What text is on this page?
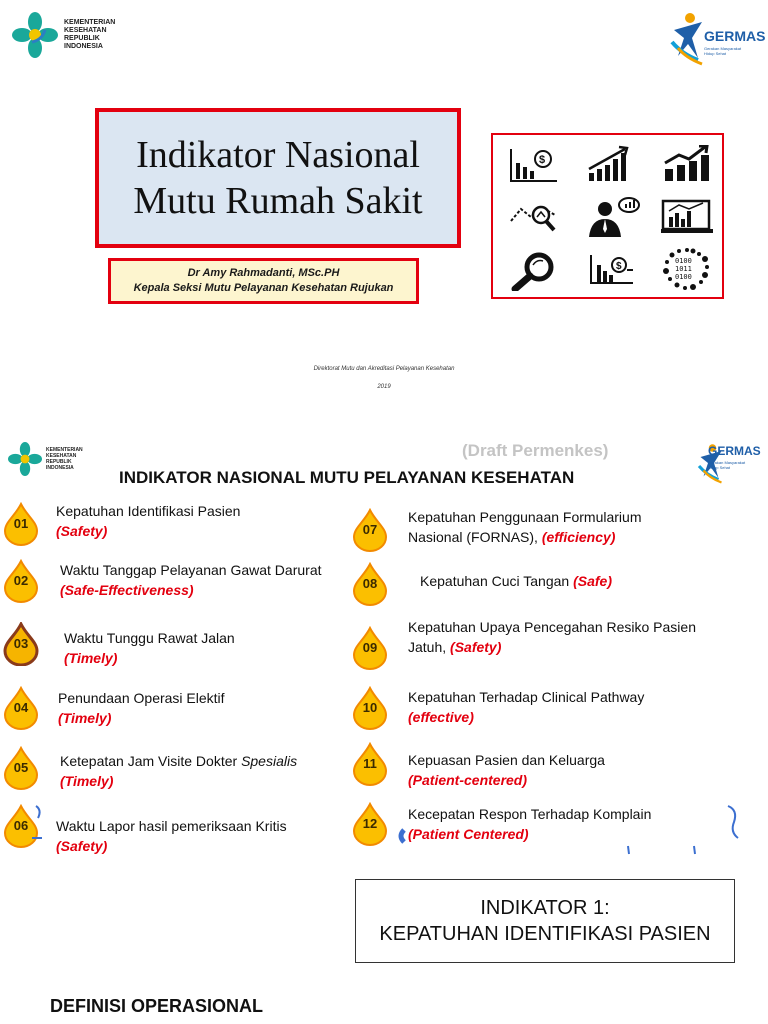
KEMENTERIAN
KESEHATAN
REPUBLIK
INDONESIA
GERMAS
Gerakan Masyarakat
Hidup Sehat
Indikator Nasional
Mutu Rumah Sakit
Dr Amy Rahmadanti, MSc.PH
Kepala Seksi Mutu Pelayanan Kesehatan Rujukan
$
$	0100
1011
0100
Direktorat Mutu dan Akreditasi Pelayanan Kesehatan
2019
KEMENTERIAN
KESEHATAN
REPUBLIK
INDONESIA
GERMAS
Gerakan Masyarakat
Hidup Sehat
(Draft Permenkes)
INDIKATOR NASIONAL MUTU PELAYANAN KESEHATAN
01
Kepatuhan Identifikasi Pasien
(Safety)
02
Waktu Tanggap Pelayanan Gawat Darurat
(Safe-Effectiveness)
03	Waktu Tunggu Rawat Jalan
(Timely)
04
Penundaan Operasi Elektif
(Timely)
05	Ketepatan Jam Visite Dokter Spesialis
(Timely)
06	Waktu Lapor hasil pemeriksaan Kritis
(Safety)
07
Kepatuhan Penggunaan Formularium
Nasional (FORNAS), (efficiency)
08	Kepatuhan Cuci Tangan (Safe)
09
Kepatuhan Upaya Pencegahan Resiko Pasien
Jatuh, (Safety)
10
Kepatuhan Terhadap Clinical Pathway
(effective)
11	Kepuasan Pasien dan Keluarga
(Patient-centered)
12
Kecepatan Respon Terhadap Komplain
(Patient Centered)
INDIKATOR 1:
KEPATUHAN IDENTIFIKASI PASIEN
DEFINISI OPERASIONAL
